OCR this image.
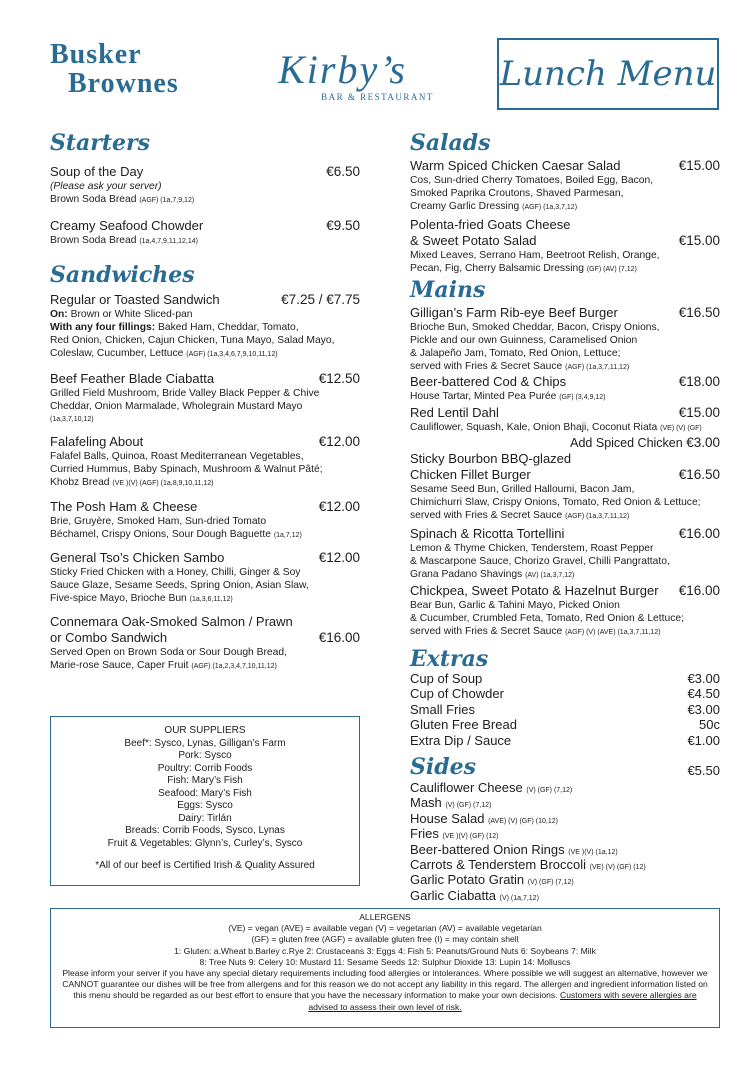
Busker
Brownes	Kirby’s
BAR & RESTAURANT
Lunch Menu
Starters
Soup of the Day	€6.50
(Please ask your server)
Brown Soda Bread (AGF) (1a,7,9,12)
Creamy Seafood Chowder	€9.50
Brown Soda Bread (1a,4,7,9,11,12,14)
Sandwiches
Regular or Toasted Sandwich	€7.25 / €7.75
On: Brown or White Sliced-pan
With any four fillings: Baked Ham, Cheddar, Tomato,
Red Onion, Chicken, Cajun Chicken, Tuna Mayo, Salad Mayo,
Coleslaw, Cucumber, Lettuce (AGF) (1a,3,4,6,7,9,10,11,12)
Beef Feather Blade Ciabatta	€12.50
Grilled Field Mushroom, Bride Valley Black Pepper & Chive
Cheddar, Onion Marmalade, Wholegrain Mustard Mayo
(1a,3,7,10,12)
Falafeling About	€12.00
Falafel Balls, Quinoa, Roast Mediterranean Vegetables,
Curried Hummus, Baby Spinach, Mushroom & Walnut Pâté;
Khobz Bread (VE )(V) (AGF) (1a,8,9,10,11,12)
The Posh Ham & Cheese	€12.00
Brie, Gruyère, Smoked Ham, Sun-dried Tomato
Béchamel, Crispy Onions, Sour Dough Baguette (1a,7,12)
General Tso’s Chicken Sambo	€12.00
Sticky Fried Chicken with a Honey, Chilli, Ginger & Soy
Sauce Glaze, Sesame Seeds, Spring Onion, Asian Slaw,
Five-spice Mayo, Brioche Bun (1a,3,6,11,12)
Connemara Oak-Smoked Salmon / Prawn
or Combo Sandwich	€16.00
Served Open on Brown Soda or Sour Dough Bread,
Marie-rose Sauce, Caper Fruit (AGF) (1a,2,3,4,7,10,11,12)
OUR SUPPLIERS
Beef*: Sysco, Lynas, Gilligan’s Farm
Pork: Sysco
Poultry: Corrib Foods
Fish: Mary’s Fish
Seafood: Mary’s Fish
Eggs: Sysco
Dairy: Tirlán
Breads: Corrib Foods, Sysco, Lynas
Fruit & Vegetables: Glynn’s, Curley’s, Sysco
*All of our beef is Certified Irish & Quality Assured
Salads
Warm Spiced Chicken Caesar Salad	€15.00
Cos, Sun-dried Cherry Tomatoes, Boiled Egg, Bacon,
Smoked Paprika Croutons, Shaved Parmesan,
Creamy Garlic Dressing (AGF) (1a,3,7,12)
Polenta-fried Goats Cheese
& Sweet Potato Salad	€15.00
Mixed Leaves, Serrano Ham, Beetroot Relish, Orange,
Pecan, Fig, Cherry Balsamic Dressing (GF) (AV) (7,12)
Mains
Gilligan’s Farm Rib-eye Beef Burger	€16.50
Brioche Bun, Smoked Cheddar, Bacon, Crispy Onions,
Pickle and our own Guinness, Caramelised Onion
& Jalapeño Jam, Tomato, Red Onion, Lettuce;
served with Fries & Secret Sauce (AGF) (1a,3,7,11,12)
Beer-battered Cod & Chips	€18.00
House Tartar, Minted Pea Purée (GF) (3,4,9,12)
Red Lentil Dahl	€15.00
Cauliflower, Squash, Kale, Onion Bhaji, Coconut Riata (VE) (V) (GF)
Add Spiced Chicken €3.00
Sticky Bourbon BBQ-glazed
Chicken Fillet Burger	€16.50
Sesame Seed Bun, Grilled Halloumi, Bacon Jam,
Chimichurri Slaw, Crispy Onions, Tomato, Red Onion & Lettuce;
served with Fries & Secret Sauce (AGF) (1a,3,7,11,12)
Spinach & Ricotta Tortellini	€16.00
Lemon & Thyme Chicken, Tenderstem, Roast Pepper
& Mascarpone Sauce, Chorizo Gravel, Chilli Pangrattato,
Grana Padano Shavings (AV) (1a,3,7,12)
Chickpea, Sweet Potato & Hazelnut Burger €16.00
Bear Bun, Garlic & Tahini Mayo, Picked Onion
& Cucumber, Crumbled Feta, Tomato, Red Onion & Lettuce;
served with Fries & Secret Sauce (AGF) (V) (AVE) (1a,3,7,11,12)
Extras
Cup of Soup	€3.00
Cup of Chowder	€4.50
Small Fries	€3.00
Gluten Free Bread	50c
Extra Dip / Sauce	€1.00
Sides	€5.50
Cauliflower Cheese (V) (GF) (7,12)
Mash (V) (GF) (7,12)
House Salad (AVE) (V) (GF) (10,12)
Fries (VE )(V) (GF) (12)
Beer-battered Onion Rings (VE )(V) (1a,12)
Carrots & Tenderstem Broccoli (VE) (V) (GF) (12)
Garlic Potato Gratin (V) (GF) (7,12)
Garlic Ciabatta (V) (1a,7,12)
ALLERGENS
(VE) = vegan (AVE) = available vegan (V) = vegetarian (AV) = available vegetarian
(GF) = gluten free (AGF) = available gluten free (I) = may contain shell
1: Gluten: a.Wheat b.Barley c.Rye 2: Crustaceans 3: Eggs 4: Fish 5: Peanuts/Ground Nuts 6: Soybeans 7: Milk
8: Tree Nuts 9: Celery 10: Mustard 11: Sesame Seeds 12: Sulphur Dioxide 13: Lupin 14: Molluscs
Please inform your server if you have any special dietary requirements including food allergies or intolerances. Where possible we will suggest an alternative, however we CANNOT guarantee our dishes will be free from allergens and for this reason we do not accept any liability in this regard. The allergen and ingredient information listed on this menu should be regarded as our best effort to ensure that you have the necessary information to make your own decisions. Customers with severe allergies are advised to assess their own level of risk.
